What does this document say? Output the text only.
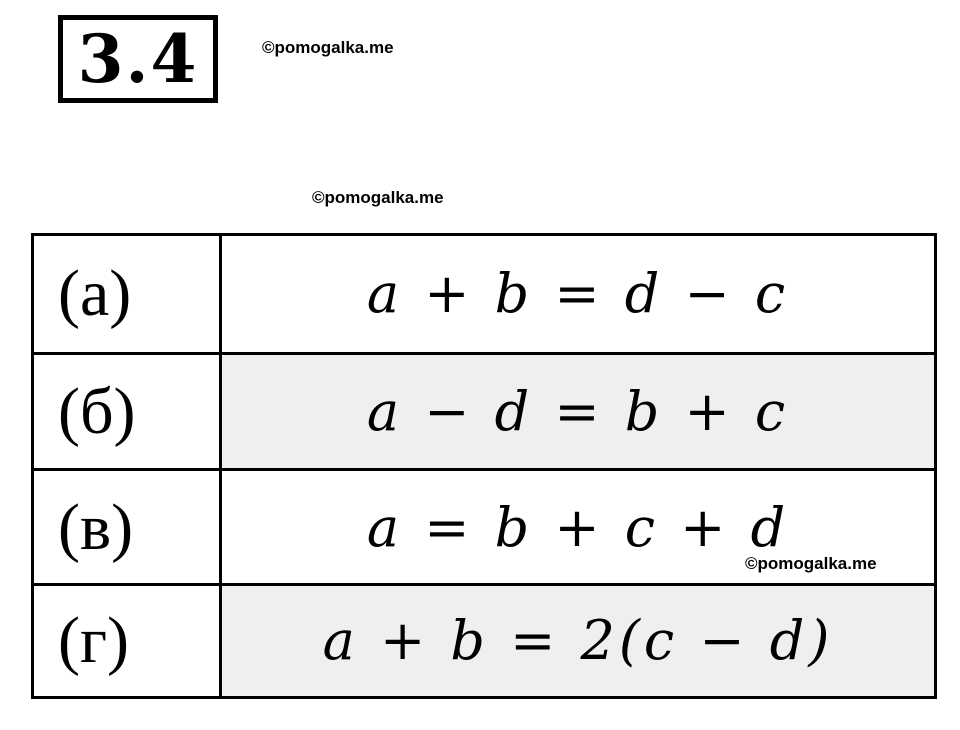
3.4	©pomogalka.me
©pomogalka.me
(а)	a + b = d − c
(б)	a − d = b + c
(в)	a = b + c + d
(г)	a + b = 2(c − d)
©pomogalka.me
